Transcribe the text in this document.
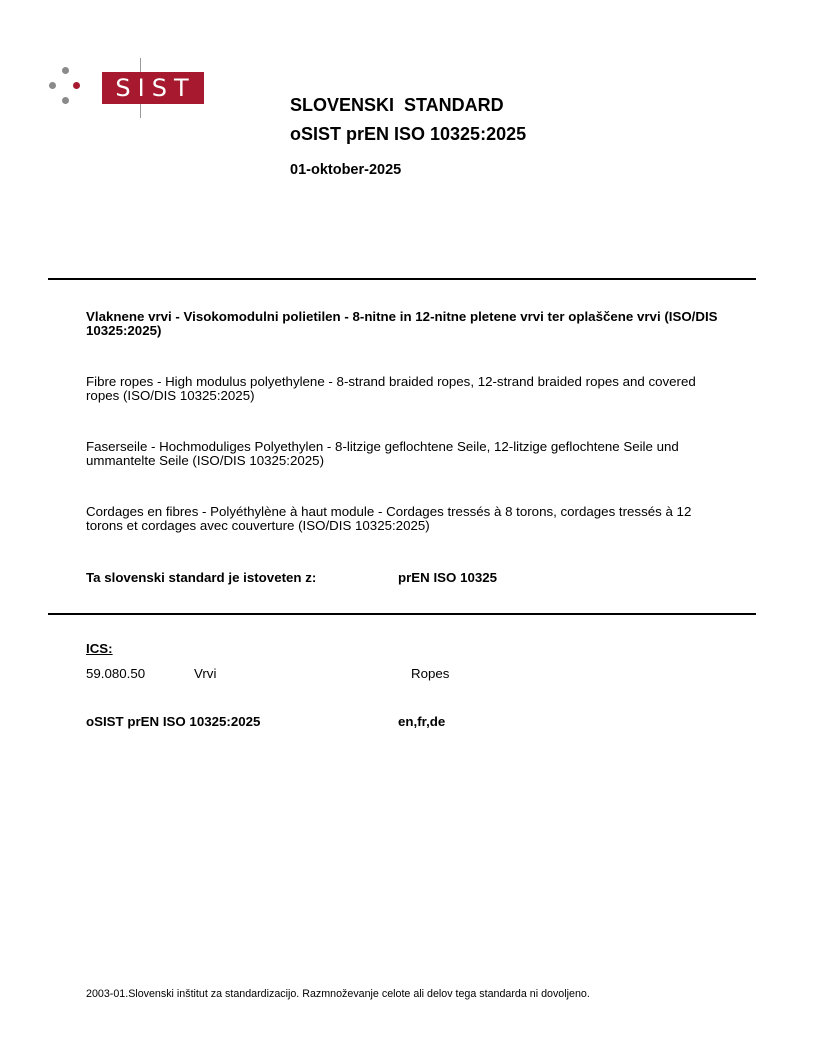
SIST
SLOVENSKI  STANDARD
oSIST prEN ISO 10325:2025
01-oktober-2025
Vlaknene vrvi - Visokomodulni polietilen - 8-nitne in 12-nitne pletene vrvi ter oplaščene vrvi (ISO/DIS 10325:2025)
Fibre ropes - High modulus polyethylene - 8-strand braided ropes, 12-strand braided ropes and covered ropes (ISO/DIS 10325:2025)
Faserseile - Hochmoduliges Polyethylen - 8-litzige geflochtene Seile, 12-litzige geflochtene Seile und ummantelte Seile (ISO/DIS 10325:2025)
Cordages en fibres - Polyéthylène à haut module - Cordages tressés à 8 torons, cordages tressés à 12 torons et cordages avec couverture (ISO/DIS 10325:2025)
Ta slovenski standard je istoveten z:	prEN ISO 10325
ICS:
59.080.50	Vrvi	Ropes
oSIST prEN ISO 10325:2025	en,fr,de
2003-01.Slovenski inštitut za standardizacijo. Razmnoževanje celote ali delov tega standarda ni dovoljeno.
